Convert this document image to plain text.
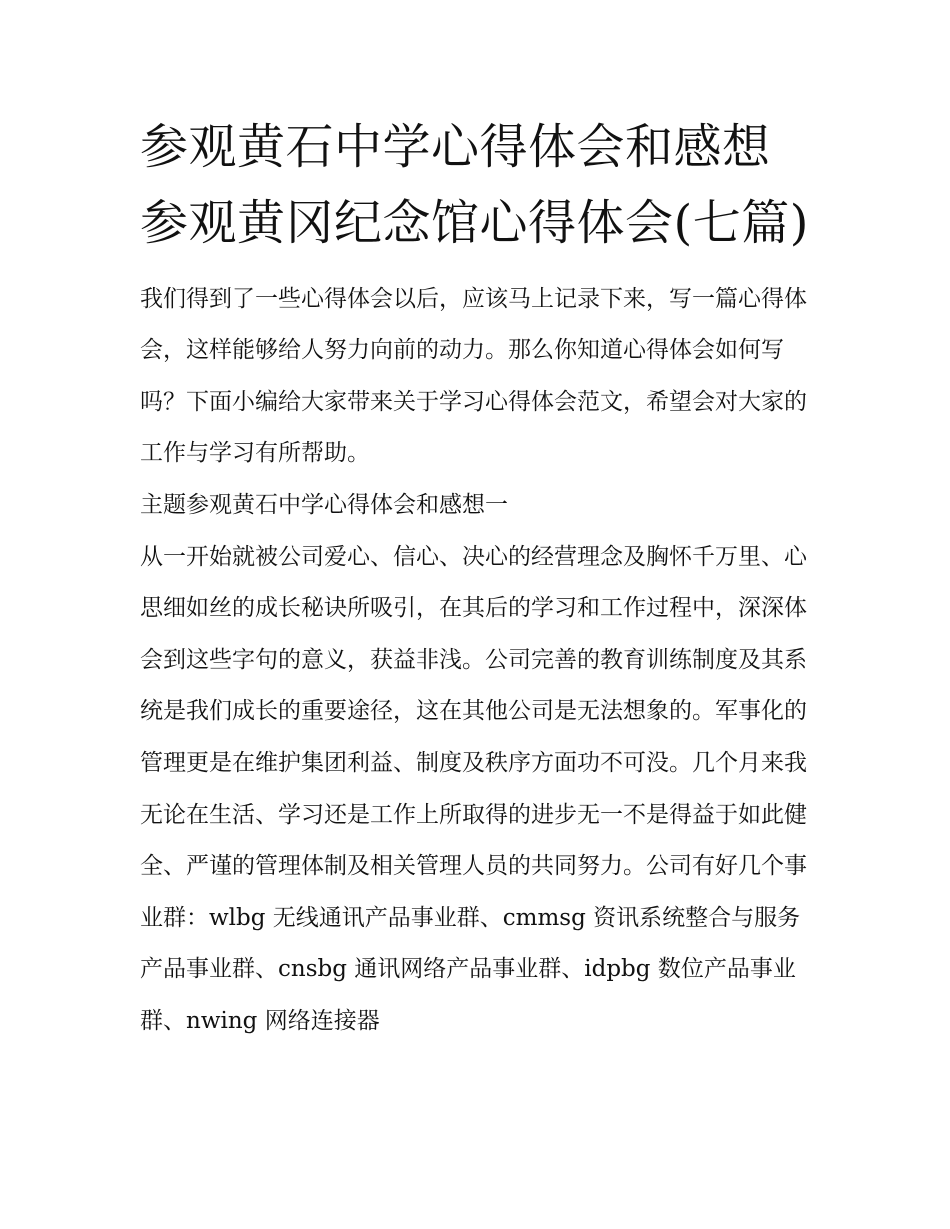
参观黄石中学心得体会和感想参观黄冈纪念馆心得体会(七篇)

我们得到了一些心得体会以后，应该马上记录下来，写一篇心得体会，这样能够给人努力向前的动力。那么你知道心得体会如何写吗？下面小编给大家带来关于学习心得体会范文，希望会对大家的工作与学习有所帮助。

主题参观黄石中学心得体会和感想一

从一开始就被公司爱心、信心、决心的经营理念及胸怀千万里、心思细如丝的成长秘诀所吸引，在其后的学习和工作过程中，深深体会到这些字句的意义，获益非浅。公司完善的教育训练制度及其系统是我们成长的重要途径，这在其他公司是无法想象的。军事化的管理更是在维护集团利益、制度及秩序方面功不可没。几个月来我无论在生活、学习还是工作上所取得的进步无一不是得益于如此健全、严谨的管理体制及相关管理人员的共同努力。公司有好几个事业群：wlbg 无线通讯产品事业群、cmmsg 资讯系统整合与服务产品事业群、cnsbg 通讯网络产品事业群、idpbg 数位产品事业群、nwing 网络连接器
